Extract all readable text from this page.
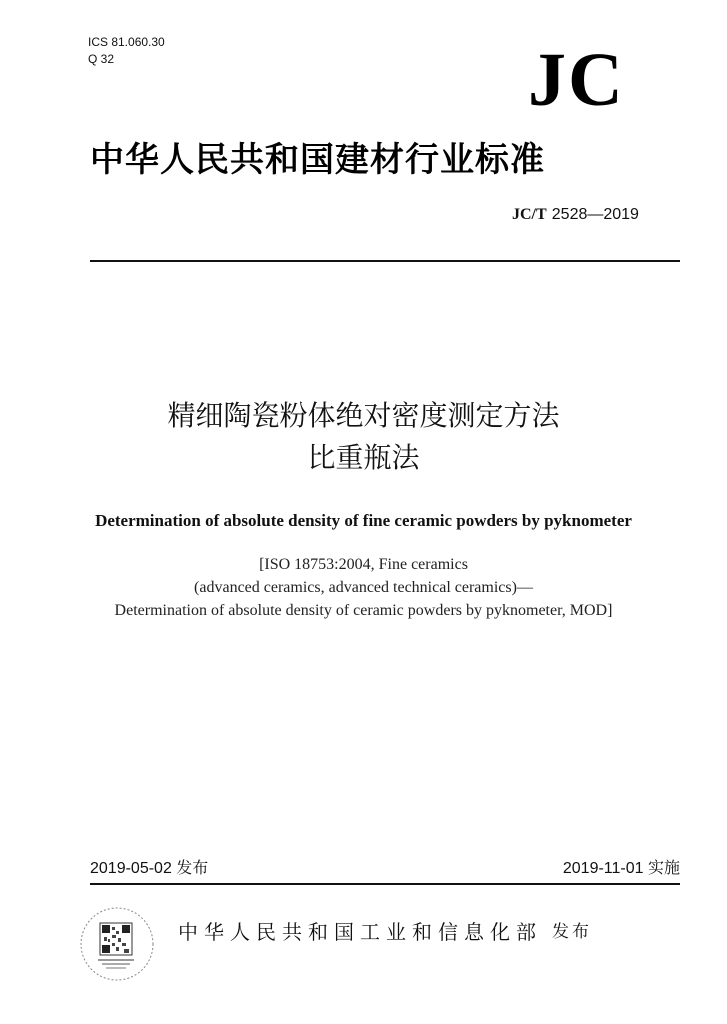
ICS 81.060.30
Q 32	JC
中华人民共和国建材行业标准
JC/T 2528—2019
精细陶瓷粉体绝对密度测定方法
比重瓶法
Determination of absolute density of fine ceramic powders by pyknometer
[ISO 18753:2004, Fine ceramics
(advanced ceramics, advanced technical ceramics)—
Determination of absolute density of ceramic powders by pyknometer, MOD]
2019-05-02 发布	2019-11-01 实施
中华人民共和国工业和信息化部 发布
